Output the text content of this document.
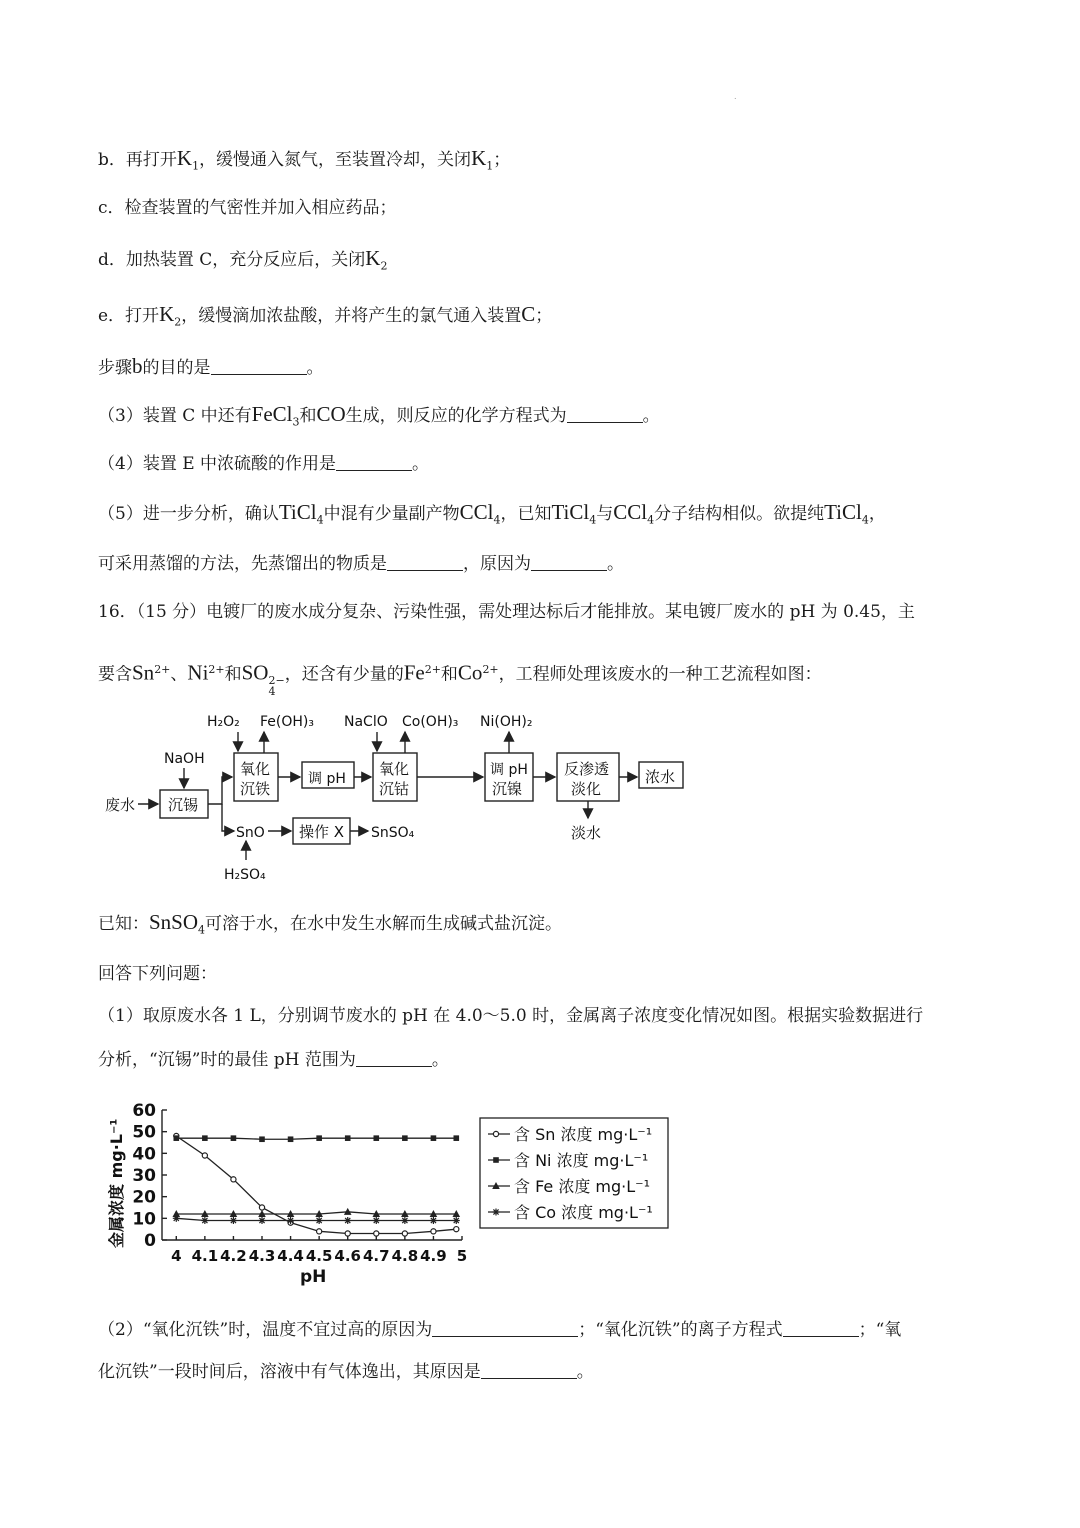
.
b．再打开$K_1$，缓慢通入氮气，至装置冷却，关闭$K_1$；
c．检查装置的气密性并加入相应药品；
d．加热装置 C，充分反应后，关闭$K_2$
e．打开$K_2$，缓慢滴加浓盐酸，并将产生的氯气通入装置C；
步骤b的目的是	。
（3）装置 C 中还有FeCl$_3$和CO生成，则反应的化学方程式为	。
（4）装置 E 中浓硫酸的作用是	。
（5）进一步分析，确认TiCl$_4$中混有少量副产物CCl$_4$，已知TiCl$_4$与CCl$_4$分子结构相似。欲提纯TiCl$_4$，
可采用蒸馏的方法，先蒸馏出的物质是	，原因为	。
16．（15 分）电镀厂的废水成分复杂、污染性强，需处理达标后才能排放。某电镀厂废水的 pH 为 0.45，主
要含$Sn^{2+}$、$Ni^{2+}$和SO 2−
4
，还含有少量的$Fe^{2+}$和$Co^{2+}$，工程师处理该废水的一种工艺流程如图：
废水
NaOH
沉锡
H₂O₂ Fe(OH)₃
氧化
沉铁
调 pH
NaClO Co(OH)₃
氧化
沉钴
Ni(OH)₂
调 pH
沉镍
反渗透
淡化
浓水
淡水
SnO 操作 X SnSO₄
H₂SO₄
已知：SnSO$_4$可溶于水，在水中发生水解而生成碱式盐沉淀。
回答下列问题：
（1）取原废水各 1 L，分别调节废水的 pH 在 4.0～5.0 时，金属离子浓度变化情况如图。根据实验数据进行
分析，“沉锡”时的最佳 pH 范围为	。
0
10
20
30
40
50
60
4 4.1 4.2 4.3 4.4 4.5 4.6 4.7 4.8 4.9 5
pH
金属浓度 mg·L⁻¹	含 Sn 浓度 mg·L⁻¹
含 Ni 浓度 mg·L⁻¹
含 Fe 浓度 mg·L⁻¹
含 Co 浓度 mg·L⁻¹
（2）“氧化沉铁”时，温度不宜过高的原因为	；“氧化沉铁”的离子方程式	；“氧
化沉铁”一段时间后，溶液中有气体逸出，其原因是	。
